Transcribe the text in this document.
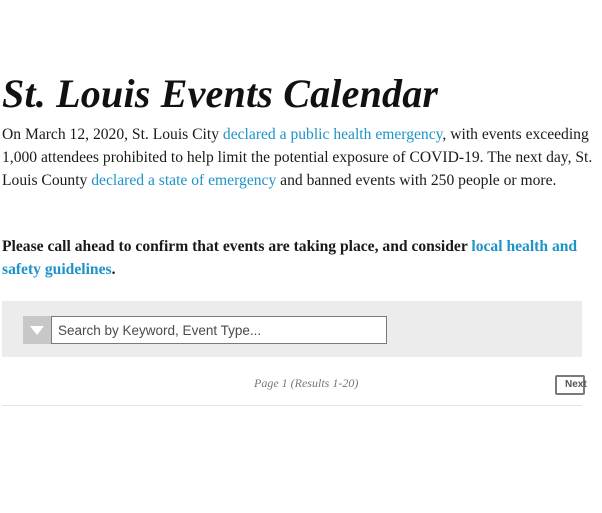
St. Louis Events Calendar

On March 12, 2020, St. Louis City declared a public health emergency, with events exceeding 1,000 attendees prohibited to help limit the potential exposure of COVID-19. The next day, St. Louis County declared a state of emergency and banned events with 250 people or more.

Please call ahead to confirm that events are taking place, and consider local health and safety guidelines.

Search by Keyword, Event Type...
Page 1 (Results 1-20)	Next
